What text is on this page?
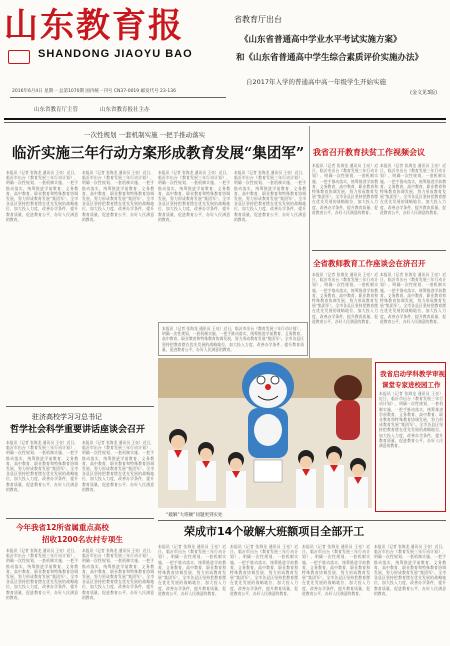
山东教育报
SHANDONG JIAOYU BAO
2016年6月4日 星期一 总第1070期 国内统一刊号 CN37-0019 邮发代号 23-136
山东省教育厅主管	山东省教育报社主办
省教育厅出台
《山东省普通高中学业水平考试实施方案》
和《山东省普通高中学生综合素质评价实施办法》
自2017年入学的普通高中高一年级学生开始实施
(金文见3版)
一次性规划 一套机制实施 一把手推动落实
临沂实施三年行动方案形成教育发展“集团军”
本报讯（记者 张海龙 通讯员 王亮）近日，临沂市出台《教育发展三年行动计划》，明确一次性规划、一套机制实施、一把手推动落实，统筹推进学前教育、义务教育、高中教育、职业教育和特殊教育协调发展，努力形成教育发展“集团军”。全市各县区坚持把教育摆在优先发展的战略地位，加大投入力度，改善办学条件，提升教育质量，促进教育公平，办好人民满意的教育。
本报讯（记者 张海龙 通讯员 王亮）近日，临沂市出台《教育发展三年行动计划》，明确一次性规划、一套机制实施、一把手推动落实，统筹推进学前教育、义务教育、高中教育、职业教育和特殊教育协调发展，努力形成教育发展“集团军”。全市各县区坚持把教育摆在优先发展的战略地位，加大投入力度，改善办学条件，提升教育质量，促进教育公平，办好人民满意的教育。
本报讯（记者 张海龙 通讯员 王亮）近日，临沂市出台《教育发展三年行动计划》，明确一次性规划、一套机制实施、一把手推动落实，统筹推进学前教育、义务教育、高中教育、职业教育和特殊教育协调发展，努力形成教育发展“集团军”。全市各县区坚持把教育摆在优先发展的战略地位，加大投入力度，改善办学条件，提升教育质量，促进教育公平，办好人民满意的教育。
本报讯（记者 张海龙 通讯员 王亮）近日，临沂市出台《教育发展三年行动计划》，明确一次性规划、一套机制实施、一把手推动落实，统筹推进学前教育、义务教育、高中教育、职业教育和特殊教育协调发展，努力形成教育发展“集团军”。全市各县区坚持把教育摆在优先发展的战略地位，加大投入力度，改善办学条件，提升教育质量，促进教育公平，办好人民满意的教育。
我省召开教育扶贫工作视频会议
本报讯（记者 张海龙 通讯员 王亮）近日，临沂市出台《教育发展三年行动计划》，明确一次性规划、一套机制实施、一把手推动落实，统筹推进学前教育、义务教育、高中教育、职业教育和特殊教育协调发展，努力形成教育发展“集团军”。全市各县区坚持把教育摆在优先发展的战略地位，加大投入力度，改善办学条件，提升教育质量，促进教育公平，办好人民满意的教育。
本报讯（记者 张海龙 通讯员 王亮）近日，临沂市出台《教育发展三年行动计划》，明确一次性规划、一套机制实施、一把手推动落实，统筹推进学前教育、义务教育、高中教育、职业教育和特殊教育协调发展，努力形成教育发展“集团军”。全市各县区坚持把教育摆在优先发展的战略地位，加大投入力度，改善办学条件，提升教育质量，促进教育公平，办好人民满意的教育。
全省教师教育工作座谈会在济召开
本报讯（记者 张海龙 通讯员 王亮）近日，临沂市出台《教育发展三年行动计划》，明确一次性规划、一套机制实施、一把手推动落实，统筹推进学前教育、义务教育、高中教育、职业教育和特殊教育协调发展，努力形成教育发展“集团军”。全市各县区坚持把教育摆在优先发展的战略地位，加大投入力度，改善办学条件，提升教育质量，促进教育公平，办好人民满意的教育。
本报讯（记者 张海龙 通讯员 王亮）近日，临沂市出台《教育发展三年行动计划》，明确一次性规划、一套机制实施、一把手推动落实，统筹推进学前教育、义务教育、高中教育、职业教育和特殊教育协调发展，努力形成教育发展“集团军”。全市各县区坚持把教育摆在优先发展的战略地位，加大投入力度，改善办学条件，提升教育质量，促进教育公平，办好人民满意的教育。
本报讯（记者 张海龙 通讯员 王亮）近日，临沂市出台《教育发展三年行动计划》，明确一次性规划、一套机制实施、一把手推动落实，统筹推进学前教育、义务教育、高中教育、职业教育和特殊教育协调发展，努力形成教育发展“集团军”。全市各县区坚持把教育摆在优先发展的战略地位，加大投入力度，改善办学条件，提升教育质量，促进教育公平，办好人民满意的教育。
“破解”大班额”问题更到实处
我省启动学科教学审视
课堂专家进校园工作
本报讯（记者 张海龙 通讯员 王亮）近日，临沂市出台《教育发展三年行动计划》，明确一次性规划、一套机制实施、一把手推动落实，统筹推进学前教育、义务教育、高中教育、职业教育和特殊教育协调发展，努力形成教育发展“集团军”。全市各县区坚持把教育摆在优先发展的战略地位，加大投入力度，改善办学条件，提升教育质量，促进教育公平，办好人民满意的教育。
驻济高校学习习总书记
哲学社会科学重要讲话座谈会召开
本报讯（记者 张海龙 通讯员 王亮）近日，临沂市出台《教育发展三年行动计划》，明确一次性规划、一套机制实施、一把手推动落实，统筹推进学前教育、义务教育、高中教育、职业教育和特殊教育协调发展，努力形成教育发展“集团军”。全市各县区坚持把教育摆在优先发展的战略地位，加大投入力度，改善办学条件，提升教育质量，促进教育公平，办好人民满意的教育。
本报讯（记者 张海龙 通讯员 王亮）近日，临沂市出台《教育发展三年行动计划》，明确一次性规划、一套机制实施、一把手推动落实，统筹推进学前教育、义务教育、高中教育、职业教育和特殊教育协调发展，努力形成教育发展“集团军”。全市各县区坚持把教育摆在优先发展的战略地位，加大投入力度，改善办学条件，提升教育质量，促进教育公平，办好人民满意的教育。
今年我省12所省属重点高校
招收1200名农村专项生
本报讯（记者 张海龙 通讯员 王亮）近日，临沂市出台《教育发展三年行动计划》，明确一次性规划、一套机制实施、一把手推动落实，统筹推进学前教育、义务教育、高中教育、职业教育和特殊教育协调发展，努力形成教育发展“集团军”。全市各县区坚持把教育摆在优先发展的战略地位，加大投入力度，改善办学条件，提升教育质量，促进教育公平，办好人民满意的教育。
本报讯（记者 张海龙 通讯员 王亮）近日，临沂市出台《教育发展三年行动计划》，明确一次性规划、一套机制实施、一把手推动落实，统筹推进学前教育、义务教育、高中教育、职业教育和特殊教育协调发展，努力形成教育发展“集团军”。全市各县区坚持把教育摆在优先发展的战略地位，加大投入力度，改善办学条件，提升教育质量，促进教育公平，办好人民满意的教育。
荣成市14个破解大班额项目全部开工
本报讯（记者 张海龙 通讯员 王亮）近日，临沂市出台《教育发展三年行动计划》，明确一次性规划、一套机制实施、一把手推动落实，统筹推进学前教育、义务教育、高中教育、职业教育和特殊教育协调发展，努力形成教育发展“集团军”。全市各县区坚持把教育摆在优先发展的战略地位，加大投入力度，改善办学条件，提升教育质量，促进教育公平，办好人民满意的教育。
本报讯（记者 张海龙 通讯员 王亮）近日，临沂市出台《教育发展三年行动计划》，明确一次性规划、一套机制实施、一把手推动落实，统筹推进学前教育、义务教育、高中教育、职业教育和特殊教育协调发展，努力形成教育发展“集团军”。全市各县区坚持把教育摆在优先发展的战略地位，加大投入力度，改善办学条件，提升教育质量，促进教育公平，办好人民满意的教育。
本报讯（记者 张海龙 通讯员 王亮）近日，临沂市出台《教育发展三年行动计划》，明确一次性规划、一套机制实施、一把手推动落实，统筹推进学前教育、义务教育、高中教育、职业教育和特殊教育协调发展，努力形成教育发展“集团军”。全市各县区坚持把教育摆在优先发展的战略地位，加大投入力度，改善办学条件，提升教育质量，促进教育公平，办好人民满意的教育。
本报讯（记者 张海龙 通讯员 王亮）近日，临沂市出台《教育发展三年行动计划》，明确一次性规划、一套机制实施、一把手推动落实，统筹推进学前教育、义务教育、高中教育、职业教育和特殊教育协调发展，努力形成教育发展“集团军”。全市各县区坚持把教育摆在优先发展的战略地位，加大投入力度，改善办学条件，提升教育质量，促进教育公平，办好人民满意的教育。
